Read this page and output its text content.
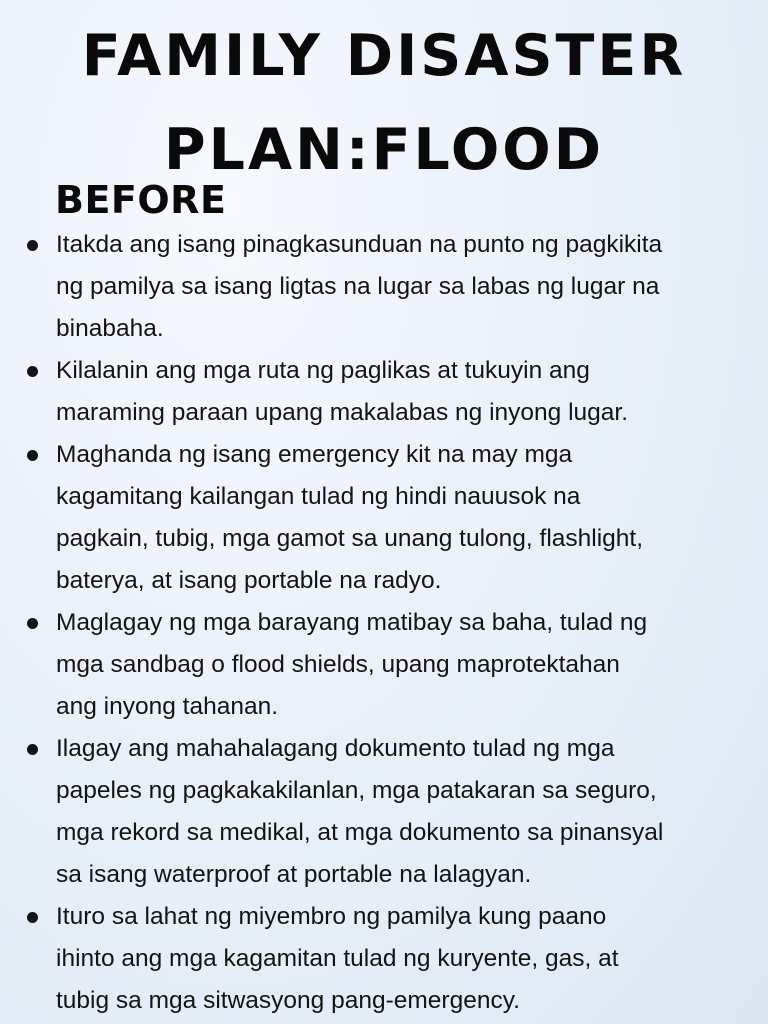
FAMILY DISASTER
PLAN:FLOOD
BEFORE
Itakda ang isang pinagkasunduan na punto ng pagkikita
ng pamilya sa isang ligtas na lugar sa labas ng lugar na
binabaha.
Kilalanin ang mga ruta ng paglikas at tukuyin ang
maraming paraan upang makalabas ng inyong lugar.
Maghanda ng isang emergency kit na may mga
kagamitang kailangan tulad ng hindi nauusok na
pagkain, tubig, mga gamot sa unang tulong, flashlight,
baterya, at isang portable na radyo.
Maglagay ng mga barayang matibay sa baha, tulad ng
mga sandbag o flood shields, upang maprotektahan
ang inyong tahanan.
Ilagay ang mahahalagang dokumento tulad ng mga
papeles ng pagkakakilanlan, mga patakaran sa seguro,
mga rekord sa medikal, at mga dokumento sa pinansyal
sa isang waterproof at portable na lalagyan.
Ituro sa lahat ng miyembro ng pamilya kung paano
ihinto ang mga kagamitan tulad ng kuryente, gas, at
tubig sa mga sitwasyong pang-emergency.
